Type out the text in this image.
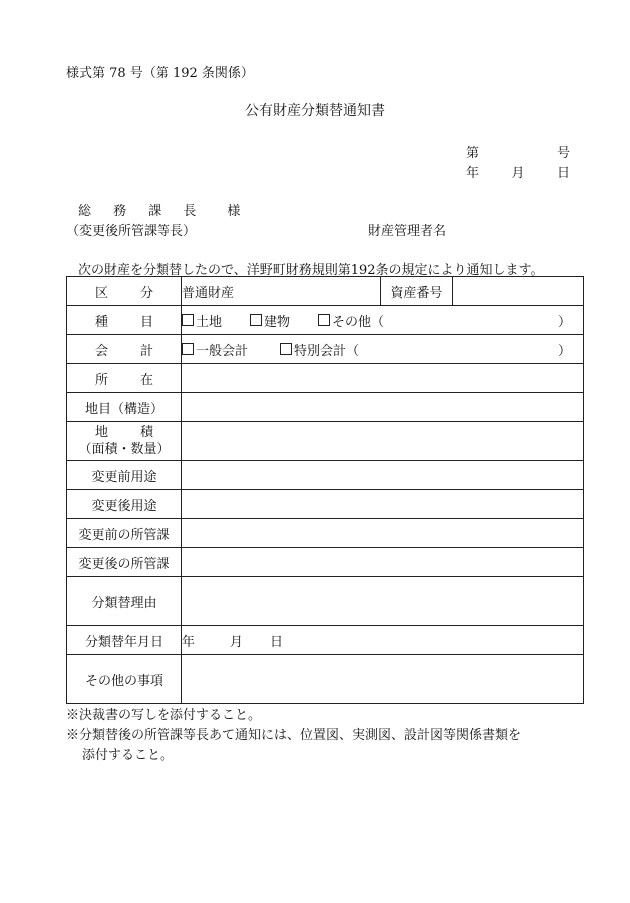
様式第 78 号（第 192 条関係）
公有財産分類替通知書
第	号
年 月 日
総 務 課 長　様
（変更後所管課等長）	財産管理者名
次の財産を分類替したので、洋野町財務規則第192条の規定により通知します。
区　分	普通財産	資産番号	
種　目	土地 建物 その他（ ）		

会　計	一般会計 特別会計（ ）		

所　在			
地目（構造）			
地　積
（面積・数量）			
変更前用途			
変更後用途			
変更前の所管課			
変更後の所管課			
分類替理由			
分類替年月日	年 月 日		
その他の事項			
※決裁書の写しを添付すること。
※分類替後の所管課等長あて通知には、位置図、実測図、設計図等関係書類を
添付すること。
